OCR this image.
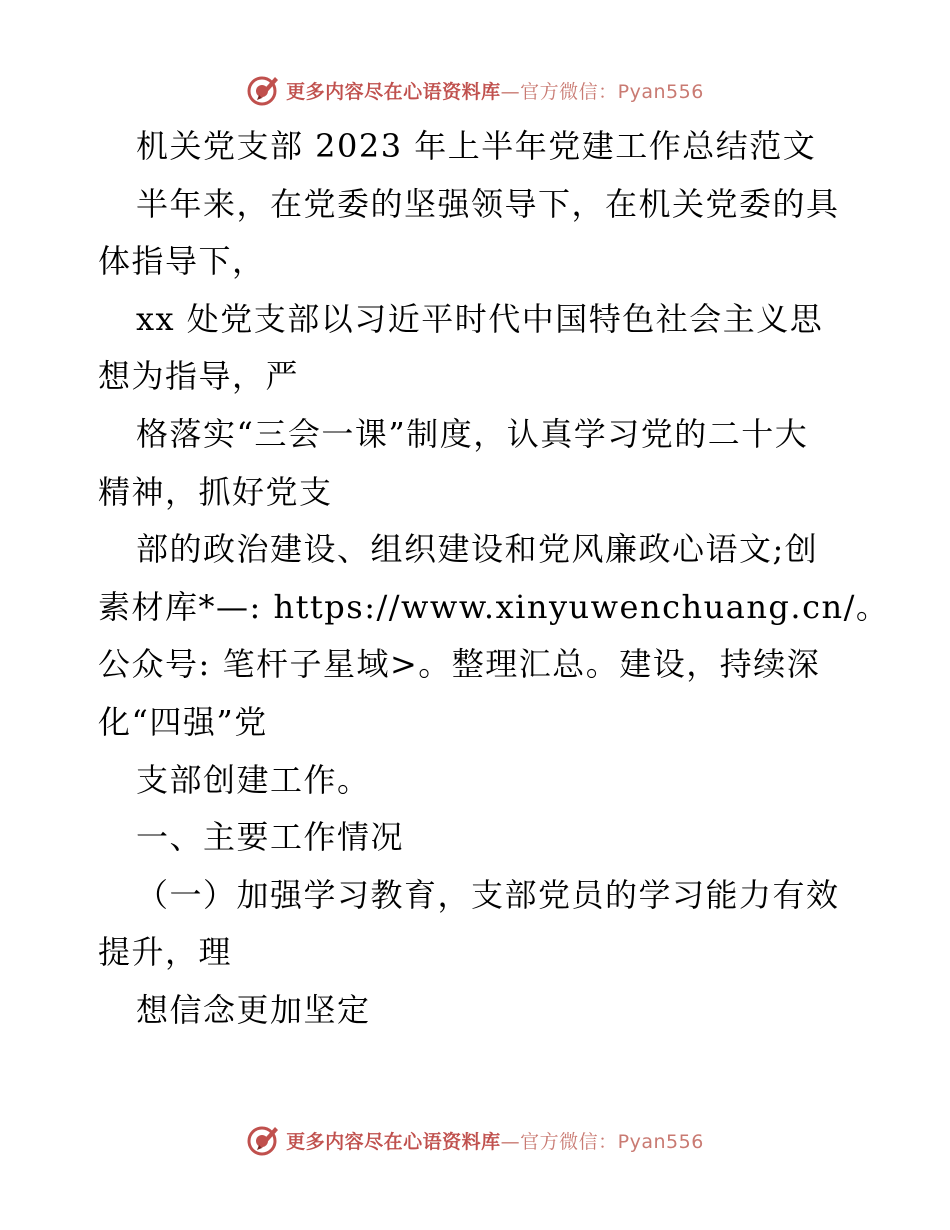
更多内容尽在心语资料库—官方微信：Pyan556
机关党支部 2023 年上半年党建工作总结范文
半年来，在党委的坚强领导下，在机关党委的具
体指导下，
xx 处党支部以习近平时代中国特色社会主义思
想为指导，严
格落实“三会一课”制度，认真学习党的二十大
精神，抓好党支
部的政治建设、组织建设和党风廉政心语文;创
素材库*—: https://www.xinyuwenchuang.cn/。
公众号: 笔杆子星域>。整理汇总。建设，持续深
化“四强”党
支部创建工作。
一、主要工作情况
（一）加强学习教育，支部党员的学习能力有效
提升，理
想信念更加坚定
更多内容尽在心语资料库—官方微信：Pyan556
